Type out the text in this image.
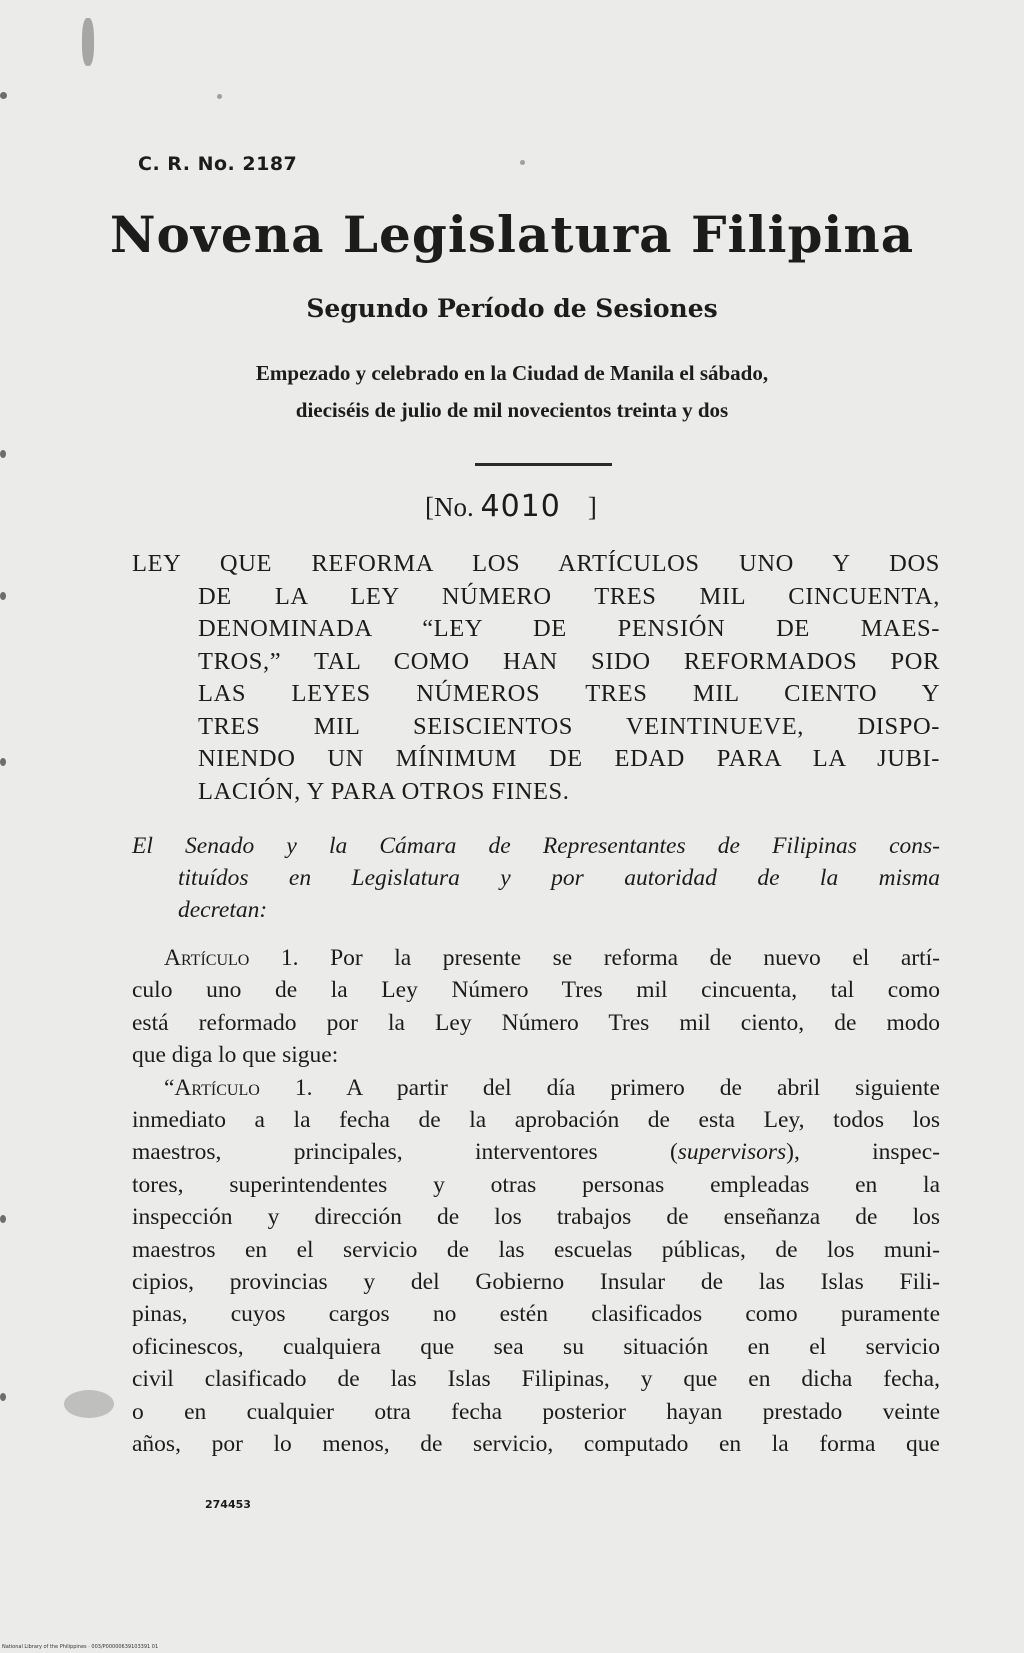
C. R. No. 2187
Novena Legislatura Filipina
Segundo Período de Sesiones
Empezado y celebrado en la Ciudad de Manila el sábado,
dieciséis de julio de mil novecientos treinta y dos
[No. 4010 ]
LEY QUE REFORMA LOS ARTÍCULOS UNO Y DOS
DE LA LEY NÚMERO TRES MIL CINCUENTA,
DENOMINADA “LEY DE PENSIÓN DE MAES-
TROS,” TAL COMO HAN SIDO REFORMADOS POR
LAS LEYES NÚMEROS TRES MIL CIENTO Y
TRES MIL SEISCIENTOS VEINTINUEVE, DISPO-
NIENDO UN MÍNIMUM DE EDAD PARA LA JUBI-
LACIÓN, Y PARA OTROS FINES.
El Senado y la Cámara de Representantes de Filipinas cons-
tituídos en Legislatura y por autoridad de la misma
decretan:
Artículo 1. Por la presente se reforma de nuevo el artí-
culo uno de la Ley Número Tres mil cincuenta, tal como
está reformado por la Ley Número Tres mil ciento, de modo
que diga lo que sigue:
“Artículo 1. A partir del día primero de abril siguiente
inmediato a la fecha de la aprobación de esta Ley, todos los
maestros, principales, interventores (supervisors), inspec-
tores, superintendentes y otras personas empleadas en la
inspección y dirección de los trabajos de enseñanza de los
maestros en el servicio de las escuelas públicas, de los muni-
cipios, provincias y del Gobierno Insular de las Islas Fili-
pinas, cuyos cargos no estén clasificados como puramente
oficinescos, cualquiera que sea su situación en el servicio
civil clasificado de las Islas Filipinas, y que en dicha fecha,
o en cualquier otra fecha posterior hayan prestado veinte
años, por lo menos, de servicio, computado en la forma que
274453
National Library of the Philippines · 003/P00000639103391 01
